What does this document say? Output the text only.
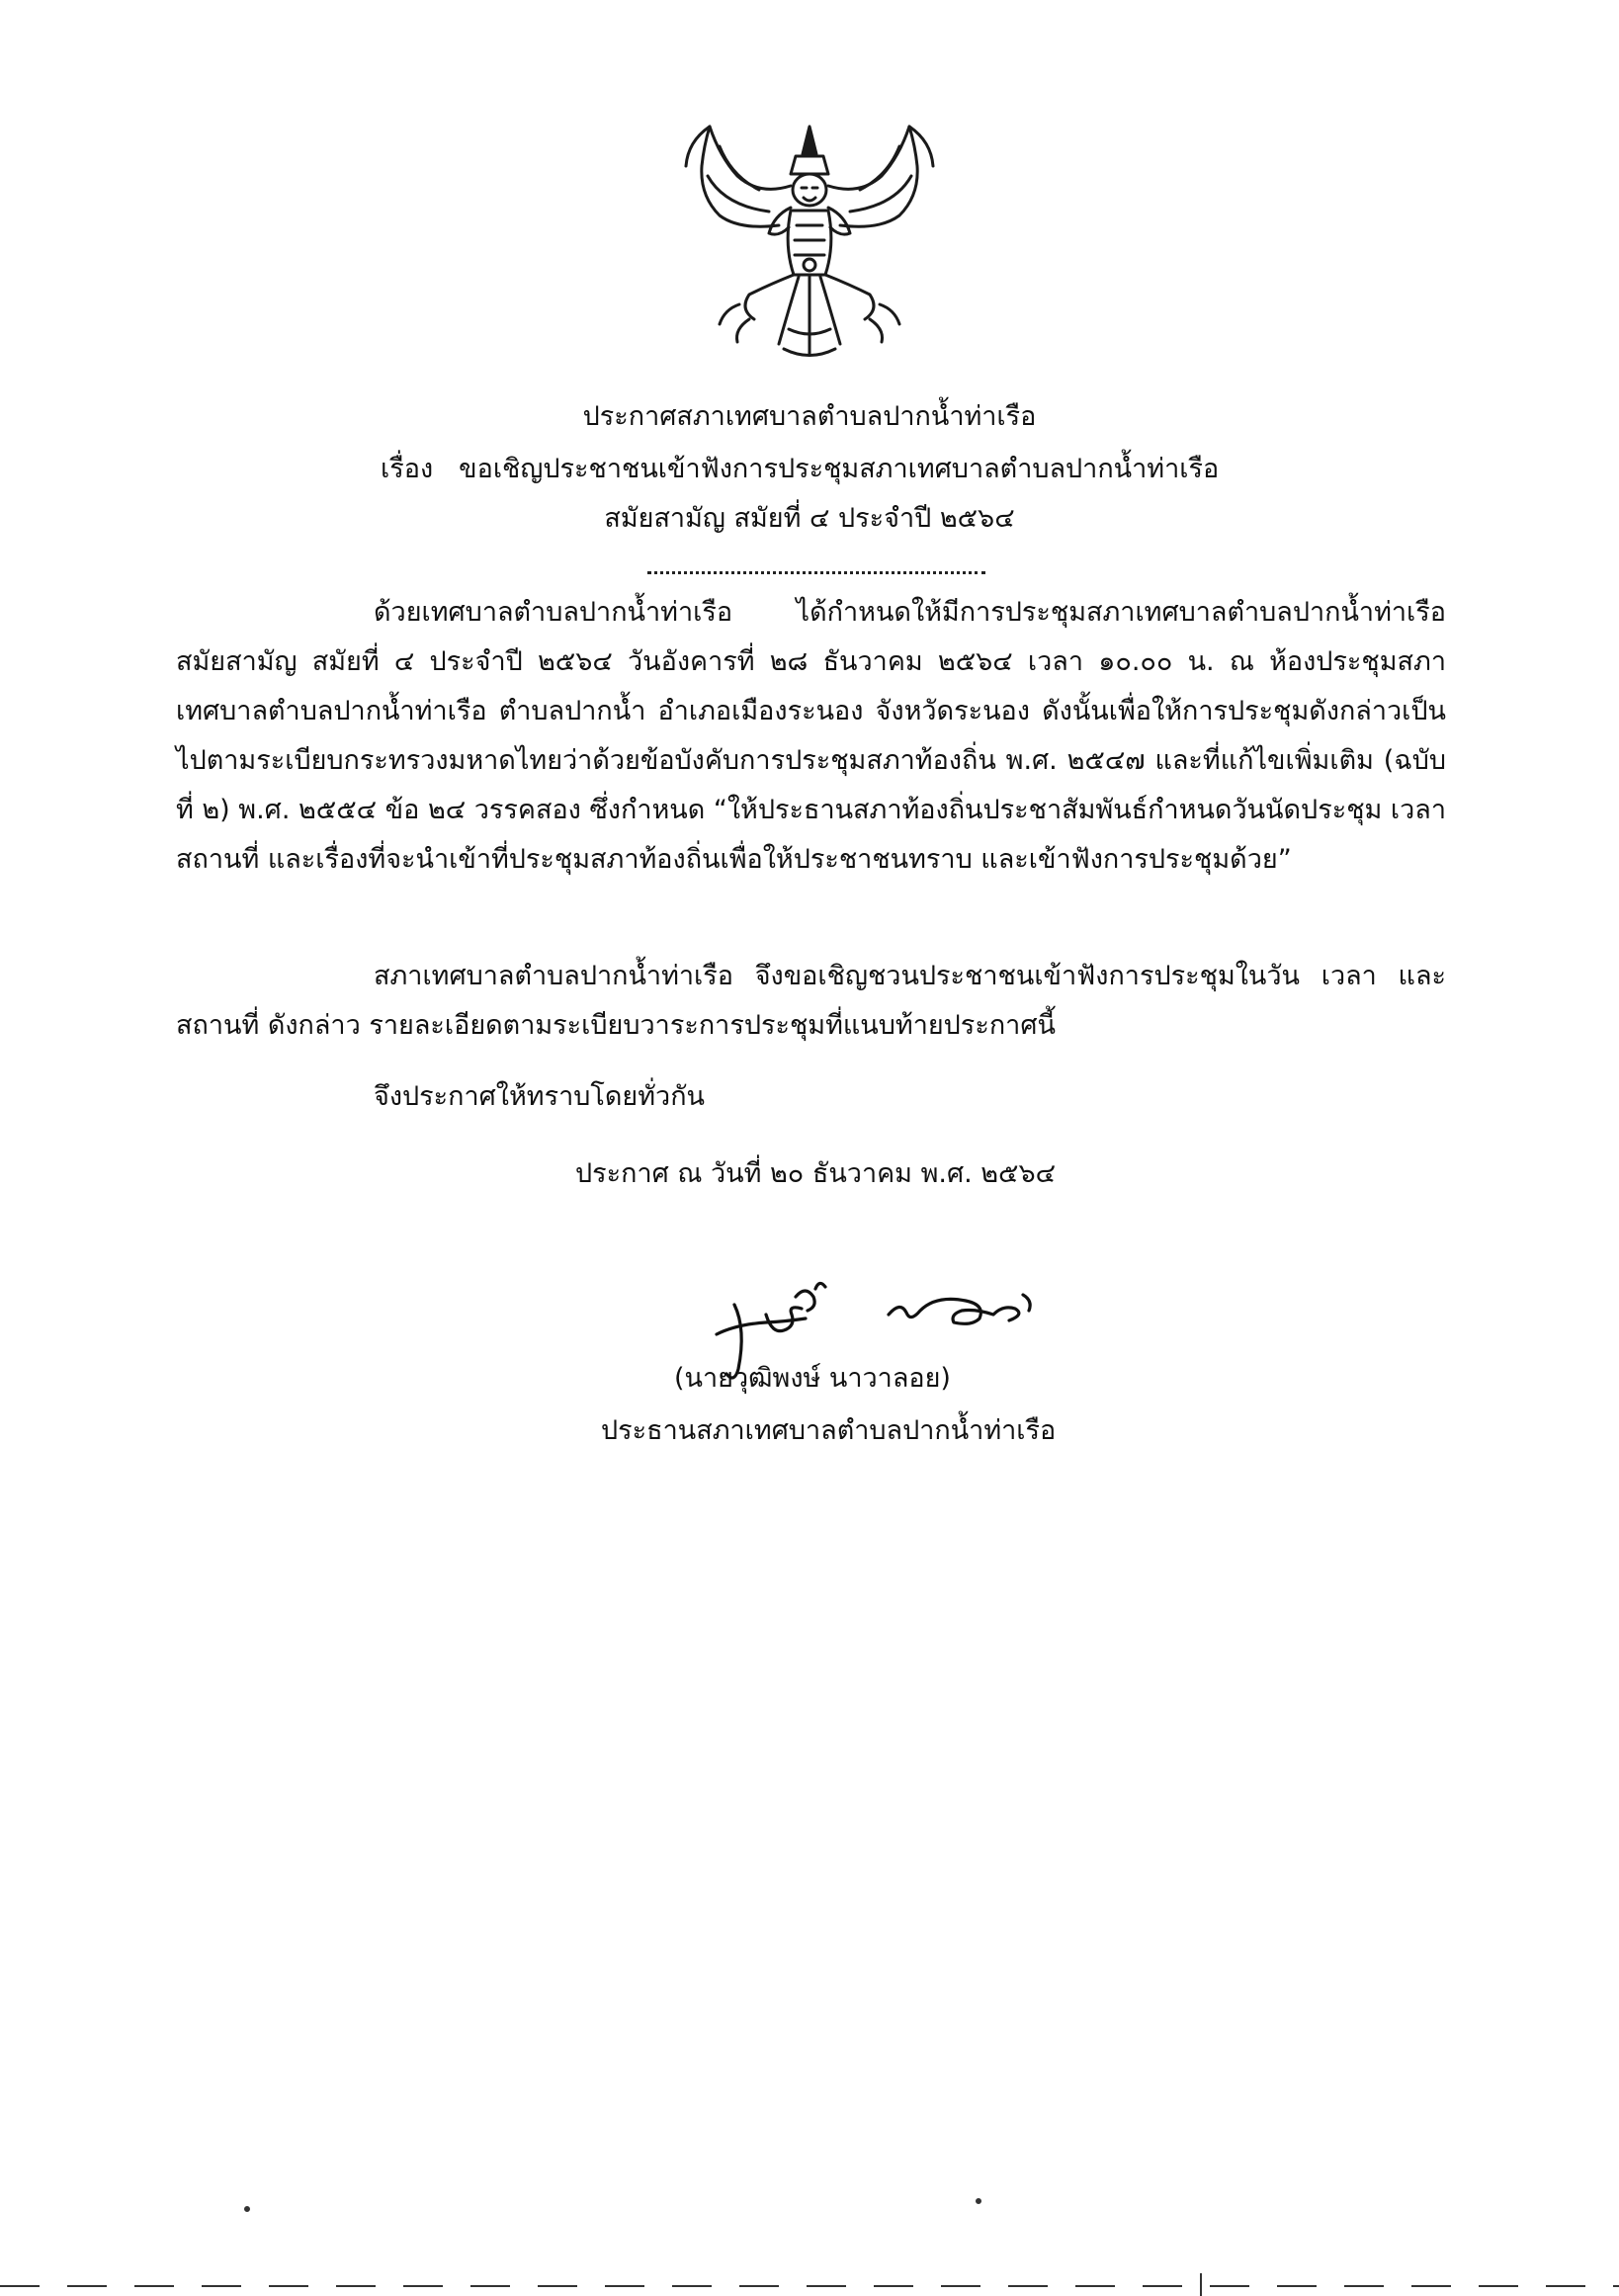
ประกาศสภาเทศบาลตำบลปากน้ำท่าเรือ
เรื่อง ขอเชิญประชาชนเข้าฟังการประชุมสภาเทศบาลตำบลปากน้ำท่าเรือ
สมัยสามัญ สมัยที่ ๔ ประจำปี ๒๕๖๔
ด้วยเทศบาลตำบลปากน้ำท่าเรือ ได้กำหนดให้มีการประชุมสภาเทศบาลตำบลปากน้ำท่าเรือ สมัยสามัญ สมัยที่ ๔ ประจำปี ๒๕๖๔ วันอังคารที่ ๒๘ ธันวาคม ๒๕๖๔ เวลา ๑๐.๐๐ น. ณ ห้องประชุมสภาเทศบาลตำบลปากน้ำท่าเรือ ตำบลปากน้ำ อำเภอเมืองระนอง จังหวัดระนอง ดังนั้นเพื่อให้การประชุมดังกล่าวเป็นไปตามระเบียบกระทรวงมหาดไทยว่าด้วยข้อบังคับการประชุมสภาท้องถิ่น พ.ศ. ๒๕๔๗ และที่แก้ไขเพิ่มเติม (ฉบับที่ ๒) พ.ศ. ๒๕๕๔ ข้อ ๒๔ วรรคสอง ซึ่งกำหนด “ให้ประธานสภาท้องถิ่นประชาสัมพันธ์กำหนดวันนัดประชุม เวลา สถานที่ และเรื่องที่จะนำเข้าที่ประชุมสภาท้องถิ่นเพื่อให้ประชาชนทราบ และเข้าฟังการประชุมด้วย”
สภาเทศบาลตำบลปากน้ำท่าเรือ จึงขอเชิญชวนประชาชนเข้าฟังการประชุมในวัน เวลา และสถานที่ ดังกล่าว รายละเอียดตามระเบียบวาระการประชุมที่แนบท้ายประกาศนี้
จึงประกาศให้ทราบโดยทั่วกัน
ประกาศ ณ วันที่ ๒๐ ธันวาคม พ.ศ. ๒๕๖๔
(นายวุฒิพงษ์ นาวาลอย)
ประธานสภาเทศบาลตำบลปากน้ำท่าเรือ
